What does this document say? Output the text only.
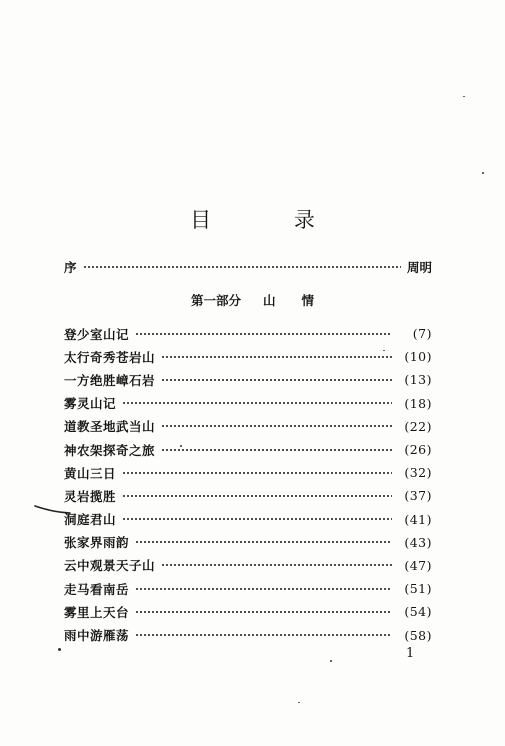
目 录
序	周明
第一部分 山 情
登少室山记	(7)
太行奇秀苍岩山	(10)
一方绝胜嶂石岩	(13)
雾灵山记	(18)
道教圣地武当山	(22)
神农架探奇之旅	(26)
黄山三日	(32)
灵岩揽胜	(37)
洞庭君山	(41)
张家界雨韵	(43)
云中观景天子山	(47)
走马看南岳	(51)
雾里上天台	(54)
雨中游雁荡	(58)
1
